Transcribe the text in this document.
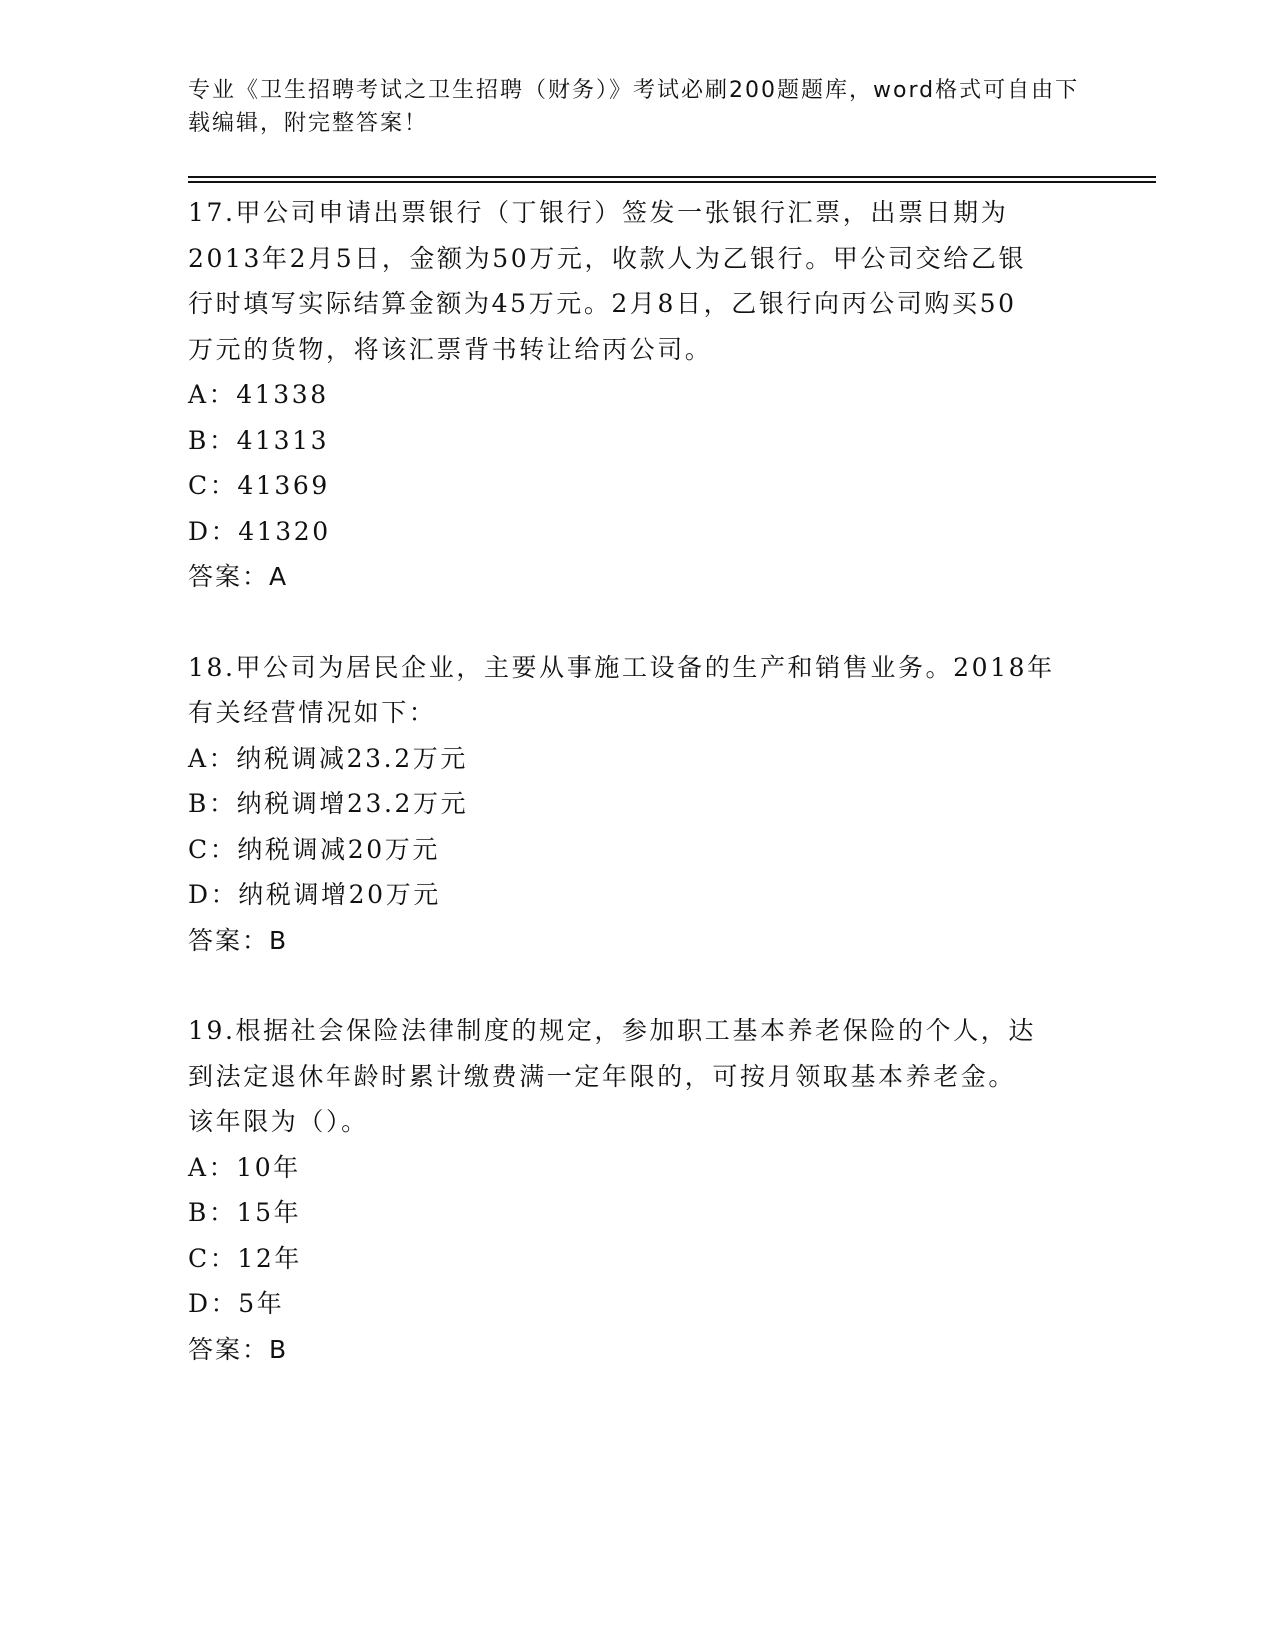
专业《卫生招聘考试之卫生招聘（财务）》考试必刷200题题库，word格式可自由下载编辑，附完整答案！
17.甲公司申请出票银行（丁银行）签发一张银行汇票，出票日期为
2013年2月5日，金额为50万元，收款人为乙银行。甲公司交给乙银
行时填写实际结算金额为45万元。2月8日，乙银行向丙公司购买50
万元的货物，将该汇票背书转让给丙公司。
A：41338
B：41313
C：41369
D：41320
答案：A
18.甲公司为居民企业，主要从事施工设备的生产和销售业务。2018年
有关经营情况如下：
A：纳税调减23.2万元
B：纳税调增23.2万元
C：纳税调减20万元
D：纳税调增20万元
答案：B
19.根据社会保险法律制度的规定，参加职工基本养老保险的个人，达
到法定退休年龄时累计缴费满一定年限的，可按月领取基本养老金。
该年限为（）。
A：10年
B：15年
C：12年
D：5年
答案：B
